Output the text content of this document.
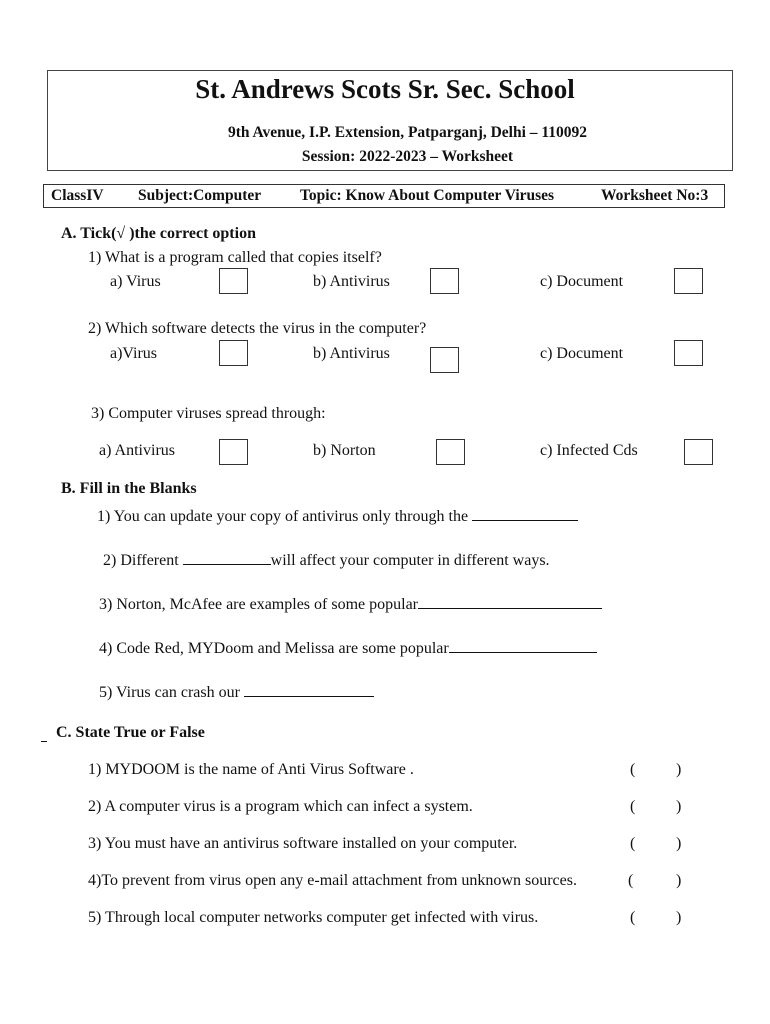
St. Andrews Scots Sr. Sec. School
9th Avenue, I.P. Extension, Patparganj, Delhi – 110092
Session: 2022-2023 – Worksheet
ClassIV Subject:Computer	Topic: Know About Computer Viruses	Worksheet No:3
A. Tick(√ )the correct option
1) What is a program called that copies itself?
a) Virus	b) Antivirus	c) Document
2) Which software detects the virus in the computer?
a)Virus	b) Antivirus	c) Document
3) Computer viruses spread through:
a) Antivirus	b) Norton	c) Infected Cds
B. Fill in the Blanks
1) You can update your copy of antivirus only through the
2) Different	will affect your computer in different ways.
3) Norton, McAfee are examples of some popular
4) Code Red, MYDoom and Melissa are some popular
5) Virus can crash our
C. State True or False
1) MYDOOM is the name of Anti Virus Software .	(	)
2) A computer virus is a program which can infect a system.	(	)
3) You must have an antivirus software installed on your computer.	(	)
4)To prevent from virus open any e-mail attachment from unknown sources.	(	)
5) Through local computer networks computer get infected with virus.	(	)
